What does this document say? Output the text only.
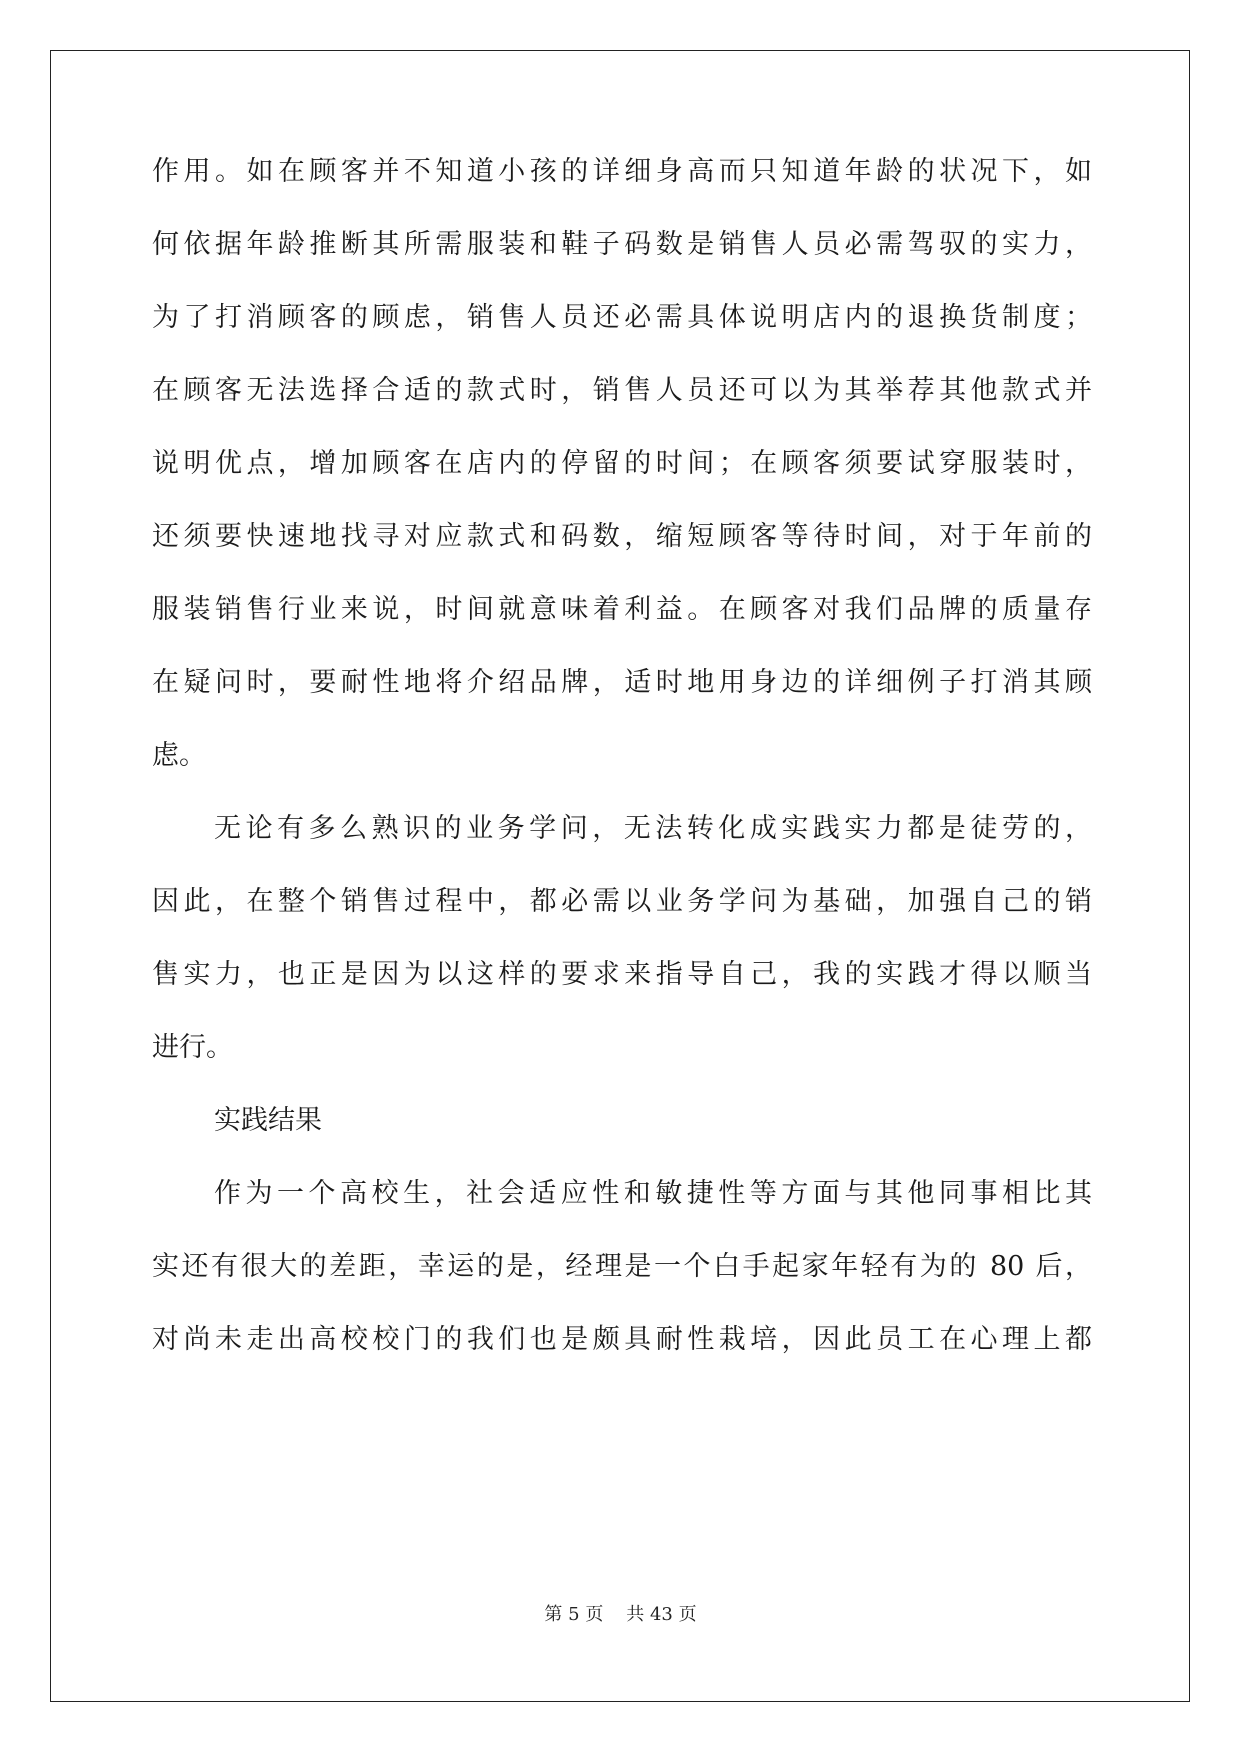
作用。如在顾客并不知道小孩的详细身高而只知道年龄的状况下，如
何依据年龄推断其所需服装和鞋子码数是销售人员必需驾驭的实力，
为了打消顾客的顾虑，销售人员还必需具体说明店内的退换货制度；
在顾客无法选择合适的款式时，销售人员还可以为其举荐其他款式并
说明优点，增加顾客在店内的停留的时间；在顾客须要试穿服装时，
还须要快速地找寻对应款式和码数，缩短顾客等待时间，对于年前的
服装销售行业来说，时间就意味着利益。在顾客对我们品牌的质量存
在疑问时，要耐性地将介绍品牌，适时地用身边的详细例子打消其顾
虑。
无论有多么熟识的业务学问，无法转化成实践实力都是徒劳的，
因此，在整个销售过程中，都必需以业务学问为基础，加强自己的销
售实力，也正是因为以这样的要求来指导自己，我的实践才得以顺当
进行。
实践结果
作为一个高校生，社会适应性和敏捷性等方面与其他同事相比其
实还有很大的差距，幸运的是，经理是一个白手起家年轻有为的 80 后，
对尚未走出高校校门的我们也是颇具耐性栽培，因此员工在心理上都
第 5 页 共 43 页
